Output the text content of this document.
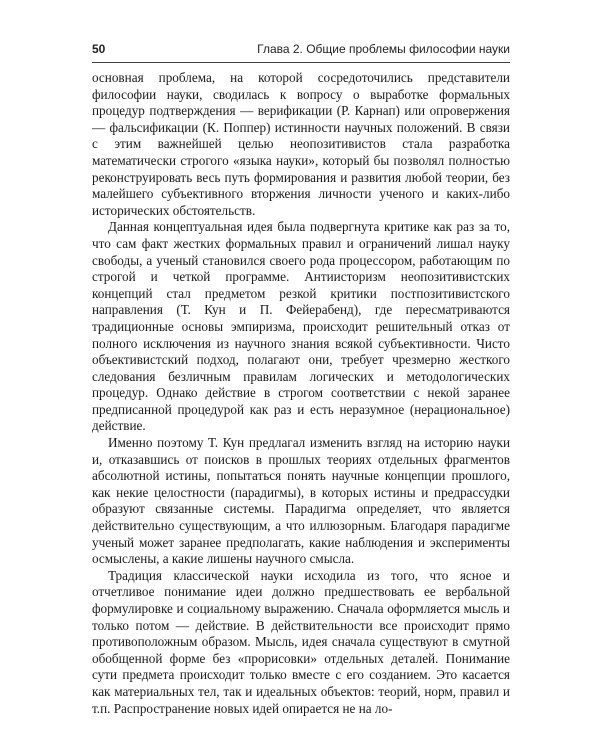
50	Глава 2. Общие проблемы философии науки

основная проблема, на которой сосредоточились представители философии науки, сводилась к вопросу о выработке формальных процедур подтверждения — верификации (Р. Карнап) или опровержения — фальсификации (К. Поппер) истинности научных положений. В связи с этим важнейшей целью неопозитивистов стала разработка математически строгого «языка науки», который бы позволял полностью реконструировать весь путь формирования и развития любой теории, без малейшего субъективного вторжения личности ученого и каких-либо исторических обстоятельств.

Данная концептуальная идея была подвергнута критике как раз за то, что сам факт жестких формальных правил и ограничений лишал науку свободы, а ученый становился своего рода процессором, работающим по строгой и четкой программе. Антиисторизм неопозитивистских концепций стал предметом резкой критики постпозитивистского направления (Т. Кун и П. Фейерабенд), где пересматриваются традиционные основы эмпиризма, происходит решительный отказ от полного исключения из научного знания всякой субъективности. Чисто объективистский подход, полагают они, требует чрезмерно жесткого следования безличным правилам логических и методологических процедур. Однако действие в строгом соответствии с некой заранее предписанной процедурой как раз и есть неразумное (нерациональное) действие.

Именно поэтому Т. Кун предлагал изменить взгляд на историю науки и, отказавшись от поисков в прошлых теориях отдельных фрагментов абсолютной истины, попытаться понять научные концепции прошлого, как некие целостности (парадигмы), в которых истины и предрассудки образуют связанные системы. Парадигма определяет, что является действительно существующим, а что иллюзорным. Благодаря парадигме ученый может заранее предполагать, какие наблюдения и эксперименты осмыслены, а какие лишены научного смысла.

Традиция классической науки исходила из того, что ясное и отчетливое понимание идеи должно предшествовать ее вербальной формулировке и социальному выражению. Сначала оформляется мысль и только потом — действие. В действительности все происходит прямо противоположным образом. Мысль, идея сначала существуют в смутной обобщенной форме без «прорисовки» отдельных деталей. Понимание сути предмета происходит только вместе с его созданием. Это касается как материальных тел, так и идеальных объектов: теорий, норм, правил и т.п. Распространение новых идей опирается не на ло-
